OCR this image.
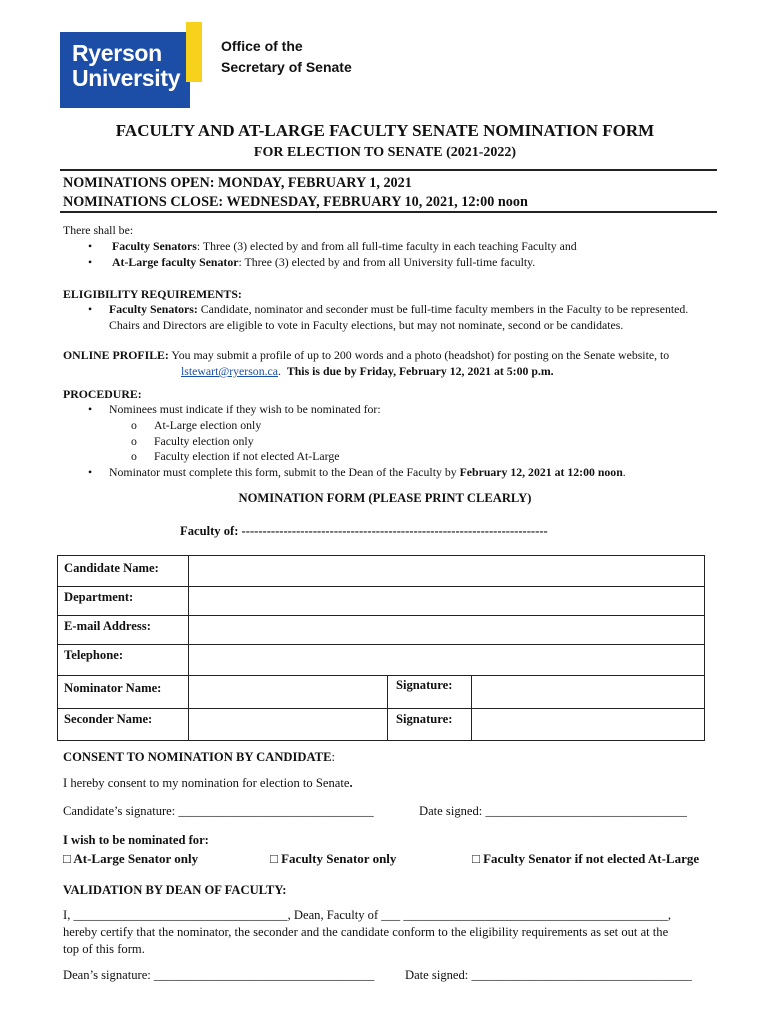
Ryerson
University
Office of the
Secretary of Senate
FACULTY AND AT-LARGE FACULTY SENATE NOMINATION FORM
FOR ELECTION TO SENATE (2021-2022)
NOMINATIONS OPEN: MONDAY, FEBRUARY 1, 2021
NOMINATIONS CLOSE: WEDNESDAY, FEBRUARY 10, 2021, 12:00 noon
There shall be:
• Faculty Senators: Three (3) elected by and from all full-time faculty in each teaching Faculty and
• At-Large faculty Senator: Three (3) elected by and from all University full-time faculty.
ELIGIBILITY REQUIREMENTS:
• Faculty Senators: Candidate, nominator and seconder must be full-time faculty members in the Faculty to be represented.
Chairs and Directors are eligible to vote in Faculty elections, but may not nominate, second or be candidates.
ONLINE PROFILE: You may submit a profile of up to 200 words and a photo (headshot) for posting on the Senate website, to
lstewart@ryerson.ca.  This is due by Friday, February 12, 2021 at 5:00 p.m.
PROCEDURE:
• Nominees must indicate if they wish to be nominated for:
o At-Large election only
o Faculty election only
o Faculty election if not elected At-Large
• Nominator must complete this form, submit to the Dean of the Faculty by February 12, 2021 at 12:00 noon.
NOMINATION FORM (PLEASE PRINT CLEARLY)
Faculty of: -------------------------------------------------------------------------
Candidate Name:
Department:
E-mail Address:
Telephone:
Nominator Name:	Signature:
Seconder Name:	Signature:
CONSENT TO NOMINATION BY CANDIDATE:
I hereby consent to my nomination for election to Senate.
Candidate’s signature: _______________________________	Date signed: ________________________________
I wish to be nominated for:
□ At-Large Senator only	□ Faculty Senator only	□ Faculty Senator if not elected At-Large
VALIDATION BY DEAN OF FACULTY:
I, __________________________________, Dean, Faculty of ___ __________________________________________,
hereby certify that the nominator, the seconder and the candidate conform to the eligibility requirements as set out at the
top of this form.
Dean’s signature: ___________________________________ Date signed: ___________________________________
